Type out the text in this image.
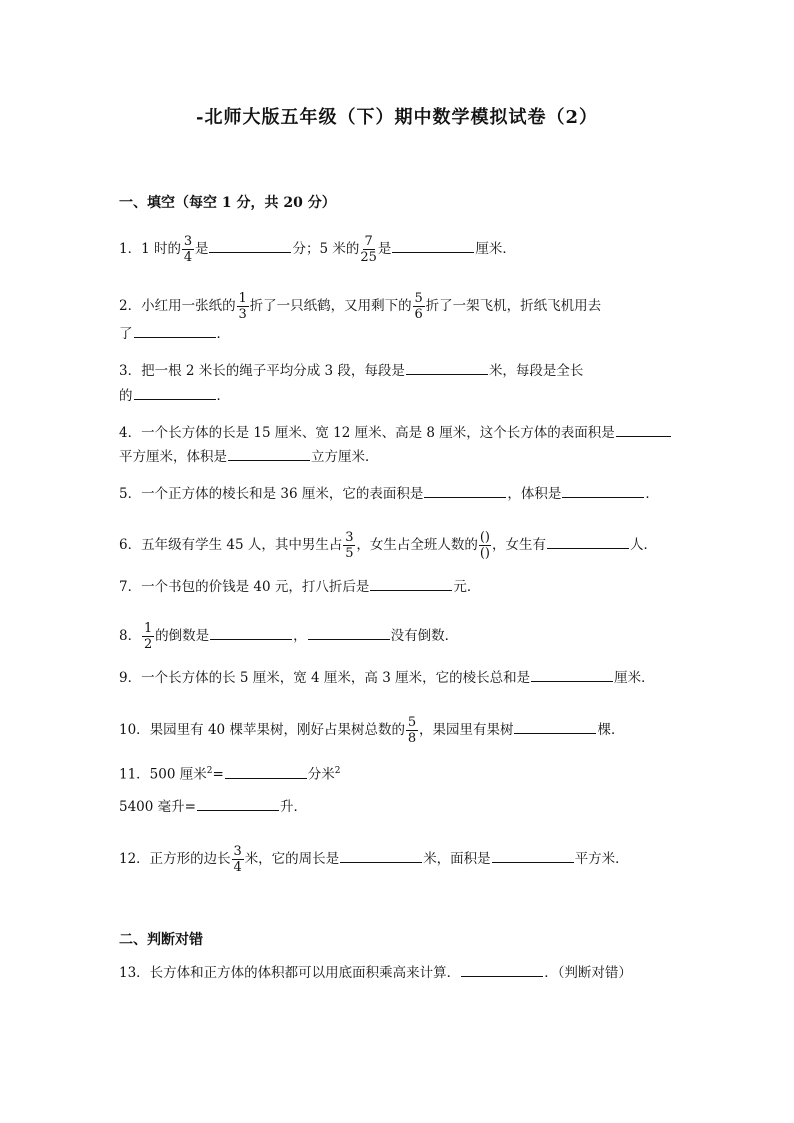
-北师大版五年级（下）期中数学模拟试卷（2）
一、填空（每空 1 分，共 20 分）
1．1 时的 $\frac{3}{4}$ 是	分；5 米的 $\frac{7}{25}$ 是	厘米．
2．小红用一张纸的 $\frac{1}{3}$ 折了一只纸鹤，又用剩下的 $\frac{5}{6}$ 折了一架飞机，折纸飞机用去
了	．
3．把一根 2 米长的绳子平均分成 3 段，每段是	米，每段是全长
的	．
4．一个长方体的长是 15 厘米、宽 12 厘米、高是 8 厘米，这个长方体的表面积是
平方厘米，体积是	立方厘米．
5．一个正方体的棱长和是 36 厘米，它的表面积是	，体积是	．
6．五年级有学生 45 人，其中男生占 $\frac{3}{5}$ ，女生占全班人数的 $\frac{()}{()}$ ，女生有	人．
7．一个书包的价钱是 40 元，打八折后是	元．
8． $\frac{1}{2}$ 的倒数是	，	没有倒数．
9．一个长方体的长 5 厘米，宽 4 厘米，高 3 厘米，它的棱长总和是	厘米．
10．果园里有 40 棵苹果树，刚好占果树总数的 $\frac{5}{8}$ ，果园里有果树	棵．
11．500 厘米$^2$=	分米$^2$
5400 毫升=	升．
12．正方形的边长 $\frac{3}{4}$ 米，它的周长是	米，面积是	平方米．
二、判断对错
13．长方体和正方体的体积都可以用底面积乘高来计算．	．（判断对错）
